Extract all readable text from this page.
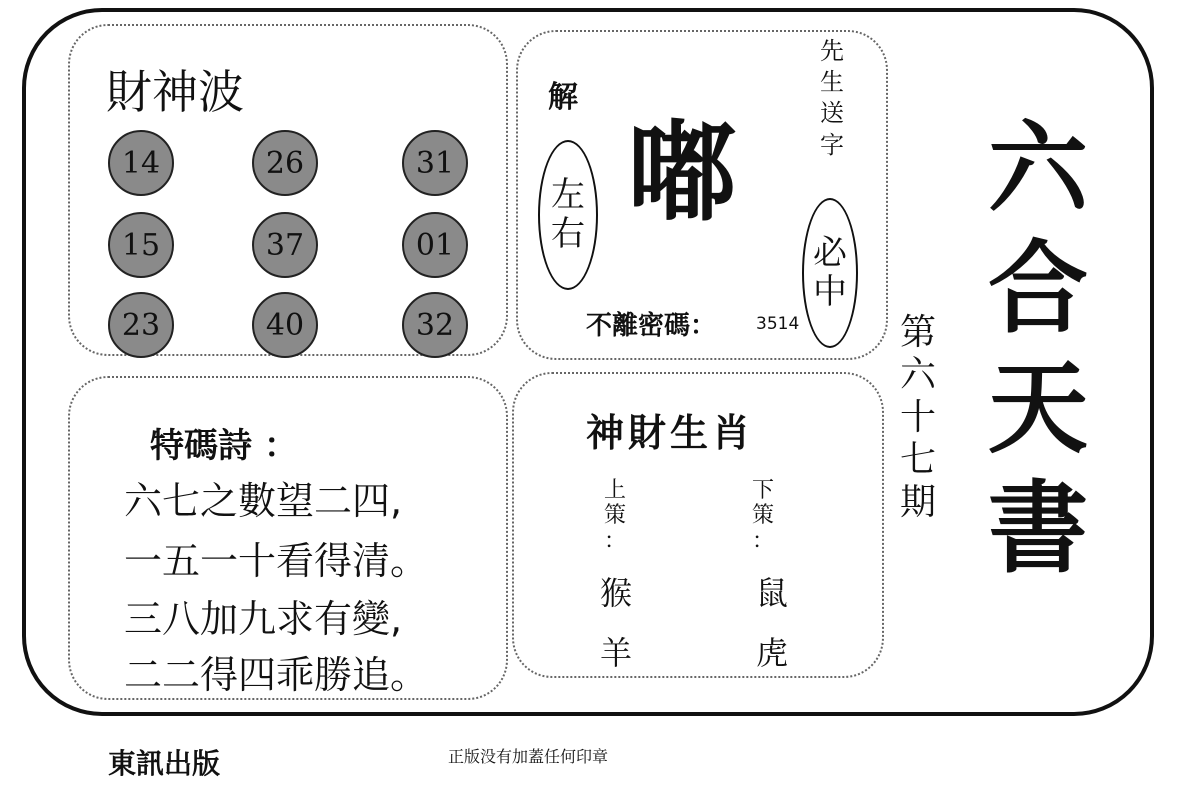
財神波
14	26	31
15	37	01
23	40	32
解
嘟
左
右
先
生
送
字
必
中
不離密碼： 3514
特碼詩 ：
六七之數望二四,
一五一十看得清。
三八加九求有變,
二二得四乖勝追。
神財生肖
上
策
：
猴
羊
下
策
：
鼠
虎
第
六
十
七
期
六
合
天
書
東訊出版	正版没有加蓋任何印章
